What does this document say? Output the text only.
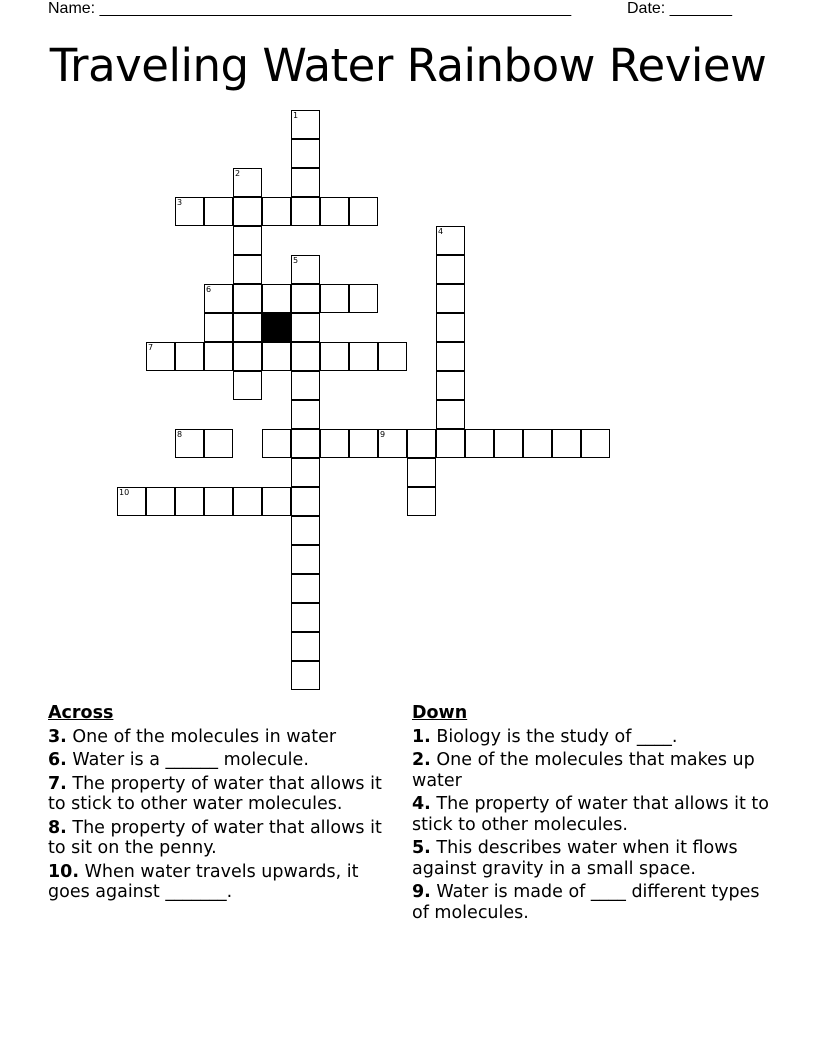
Name: _____________________________________________________	Date: _______
Traveling Water Rainbow Review
1
2
3
4
5
6
7
8	9
10
Across
3. One of the molecules in water
6. Water is a ______ molecule.
7. The property of water that allows it to stick to other water molecules.
8. The property of water that allows it to sit on the penny.
10. When water travels upwards, it goes against _______.
Down
1. Biology is the study of ____.
2. One of the molecules that makes up water
4. The property of water that allows it to stick to other molecules.
5. This describes water when it flows against gravity in a small space.
9. Water is made of ____ different types of molecules.
